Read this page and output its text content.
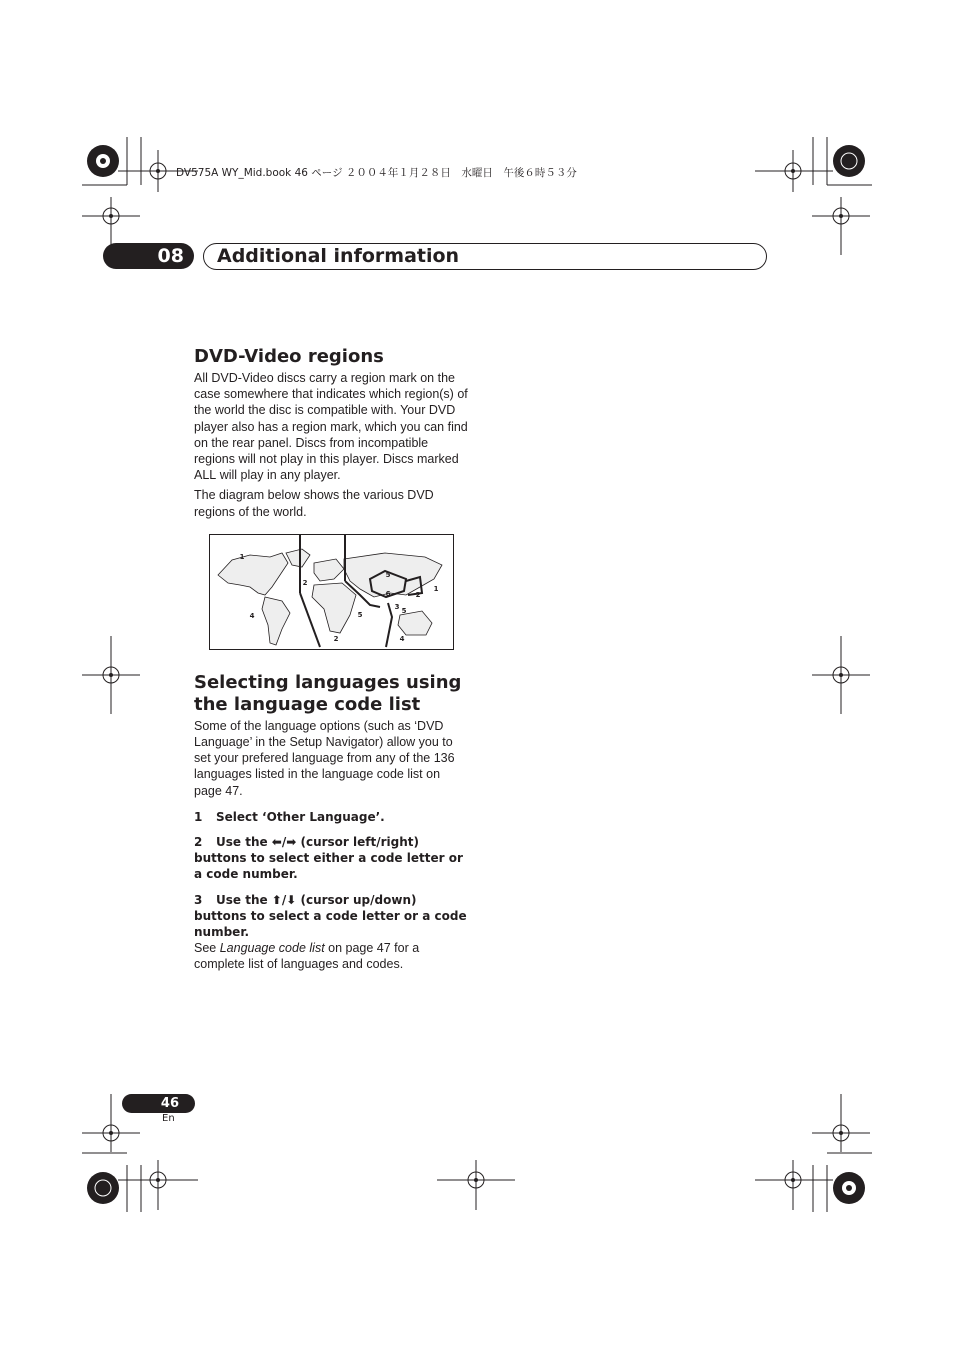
DV575A WY_Mid.book 46 ページ ２００４年１月２８日　水曜日　午後６時５３分
08	Additional information
DVD-Video regions

All DVD-Video discs carry a region mark on the case somewhere that indicates which region(s) of the world the disc is compatible with. Your DVD player also has a region mark, which you can find on the rear panel. Discs from incompatible regions will not play in this player. Discs marked ALL will play in any player.

The diagram below shows the various DVD regions of the world.

1
2
4
5
5
6	2
1
3 5
2	4
Selecting languages using the language code list

Some of the language options (such as ‘DVD Language’ in the Setup Navigator) allow you to set your prefered language from any of the 136 languages listed in the language code list on page 47.

1 Select ‘Other Language’.

2 Use the ⬅/➡ (cursor left/right) buttons to select either a code letter or a code number.

3 Use the ⬆/⬇ (cursor up/down) buttons to select a code letter or a code number.

See Language code list on page 47 for a complete list of languages and codes.

46
En
